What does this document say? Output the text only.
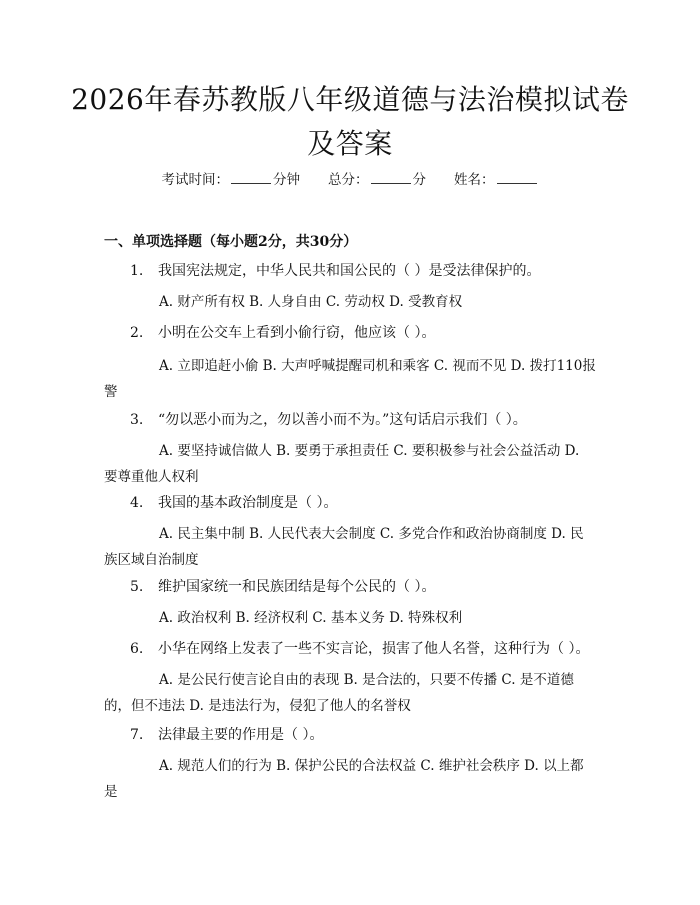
2026年春苏教版八年级道德与法治模拟试卷
及答案
考试时间：	分钟 总分：	分 姓名：
一、单项选择题（每小题2分，共30分）
1. 我国宪法规定，中华人民共和国公民的（ ）是受法律保护的。
A. 财产所有权 B. 人身自由 C. 劳动权 D. 受教育权
2. 小明在公交车上看到小偷行窃，他应该（ ）。
A. 立即追赶小偷 B. 大声呼喊提醒司机和乘客 C. 视而不见 D. 拨打110报警
3. “勿以恶小而为之，勿以善小而不为。”这句话启示我们（ ）。
A. 要坚持诚信做人 B. 要勇于承担责任 C. 要积极参与社会公益活动 D. 要尊重他人权利
4. 我国的基本政治制度是（ ）。
A. 民主集中制 B. 人民代表大会制度 C. 多党合作和政治协商制度 D. 民族区域自治制度
5. 维护国家统一和民族团结是每个公民的（ ）。
A. 政治权利 B. 经济权利 C. 基本义务 D. 特殊权利
6. 小华在网络上发表了一些不实言论，损害了他人名誉，这种行为（ ）。
A. 是公民行使言论自由的表现 B. 是合法的，只要不传播 C. 是不道德的，但不违法 D. 是违法行为，侵犯了他人的名誉权
7. 法律最主要的作用是（ ）。
A. 规范人们的行为 B. 保护公民的合法权益 C. 维护社会秩序 D. 以上都是
